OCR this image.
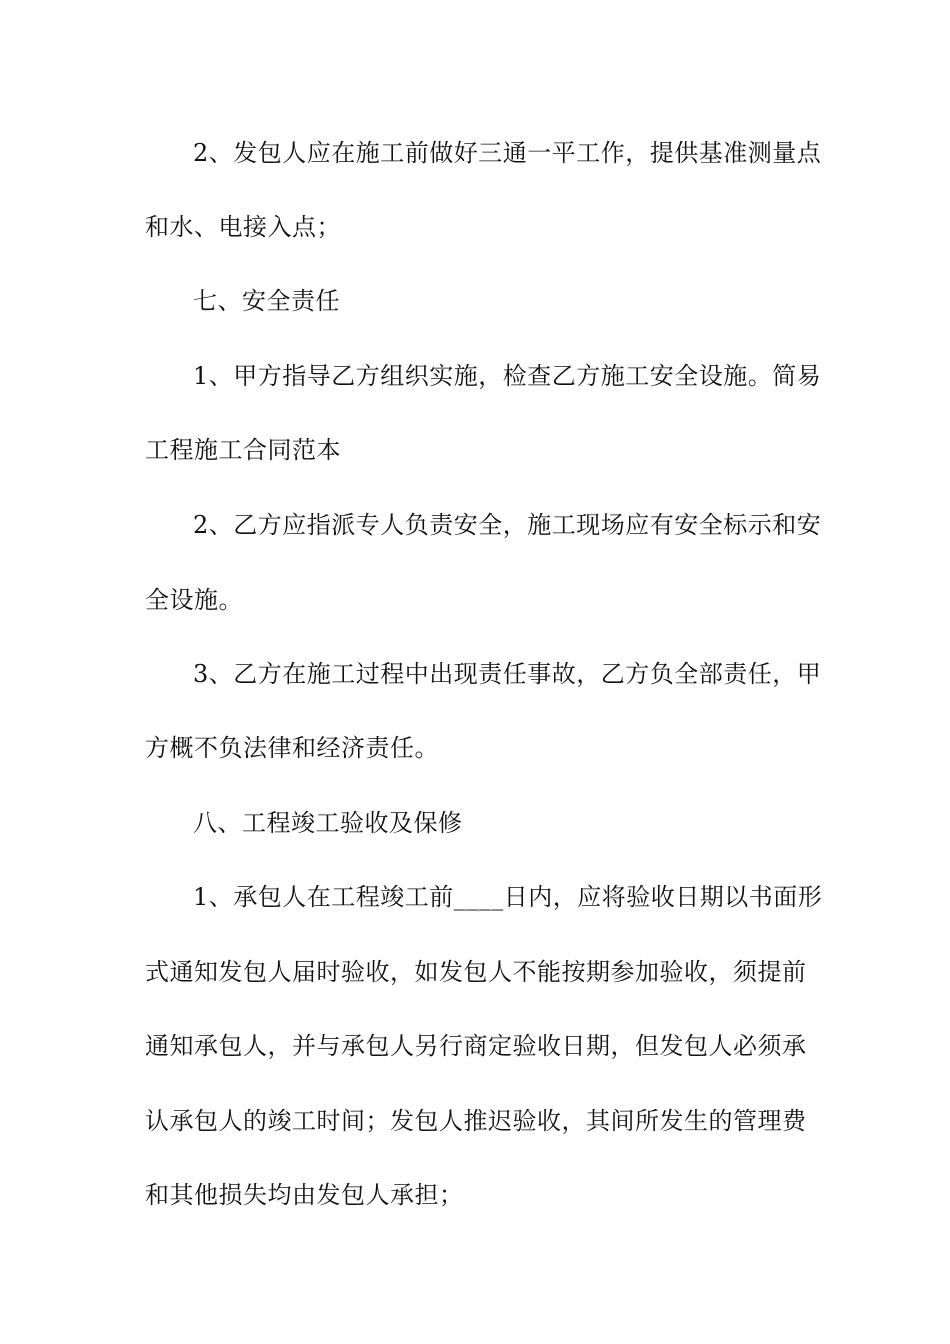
2、发包人应在施工前做好三通一平工作，提供基准测量点
和水、电接入点；
七、安全责任
1、甲方指导乙方组织实施，检查乙方施工安全设施。简易
工程施工合同范本
2、乙方应指派专人负责安全，施工现场应有安全标示和安
全设施。
3、乙方在施工过程中出现责任事故，乙方负全部责任，甲
方概不负法律和经济责任。
八、工程竣工验收及保修
1、承包人在工程竣工前____日内，应将验收日期以书面形
式通知发包人届时验收，如发包人不能按期参加验收，须提前
通知承包人，并与承包人另行商定验收日期，但发包人必须承
认承包人的竣工时间；发包人推迟验收，其间所发生的管理费
和其他损失均由发包人承担；
